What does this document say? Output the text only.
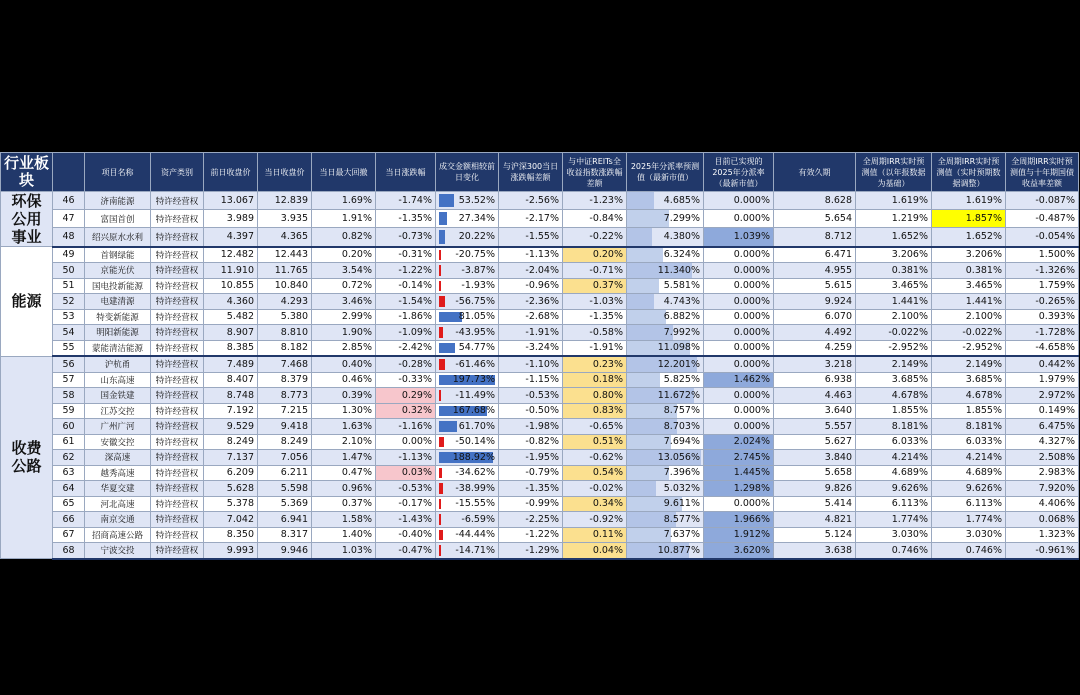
行业板块		项目名称	资产类别	前日收盘价	当日收盘价	当日最大回撤	当日涨跌幅	成交金额相较前日变化	与沪深300当日涨跌幅差额	与中证REITs全收益指数涨跌幅差额	2025年分派率预测值（最新市值）	目前已实现的2025年分派率（最新市值）	有效久期	全周期IRR实时预测值（以年报数据为基础）	全周期IRR实时预测值（实时预期数据调整）	全周期IRR实时预测值与十年期国债收益率差额
环保公用事业	46	济南能源	特许经营权	13.067	12.839	1.69%	-1.74%	53.52%	-2.56%	-1.23%	4.685%	0.000%	8.628	1.619%	1.619%	-0.087%
	47	富国首创	特许经营权	3.989	3.935	1.91%	-1.35%	27.34%	-2.17%	-0.84%	7.299%	0.000%	5.654	1.219%	1.857%	-0.487%
	48	绍兴原水水利	特许经营权	4.397	4.365	0.82%	-0.73%	20.22%	-1.55%	-0.22%	4.380%	1.039%	8.712	1.652%	1.652%	-0.054%
能源	49	首钢绿能	特许经营权	12.482	12.443	0.20%	-0.31%	-20.75%	-1.13%	0.20%	6.324%	0.000%	6.471	3.206%	3.206%	1.500%
	50	京能光伏	特许经营权	11.910	11.765	3.54%	-1.22%	-3.87%	-2.04%	-0.71%	11.340%	0.000%	4.955	0.381%	0.381%	-1.326%
	51	国电投新能源	特许经营权	10.855	10.840	0.72%	-0.14%	-1.93%	-0.96%	0.37%	5.581%	0.000%	5.615	3.465%	3.465%	1.759%
	52	电建清源	特许经营权	4.360	4.293	3.46%	-1.54%	-56.75%	-2.36%	-1.03%	4.743%	0.000%	9.924	1.441%	1.441%	-0.265%
	53	特变新能源	特许经营权	5.482	5.380	2.99%	-1.86%	81.05%	-2.68%	-1.35%	6.882%	0.000%	6.070	2.100%	2.100%	0.393%
	54	明阳新能源	特许经营权	8.907	8.810	1.90%	-1.09%	-43.95%	-1.91%	-0.58%	7.992%	0.000%	4.492	-0.022%	-0.022%	-1.728%
	55	蒙能清洁能源	特许经营权	8.385	8.182	2.85%	-2.42%	54.77%	-3.24%	-1.91%	11.098%	0.000%	4.259	-2.952%	-2.952%	-4.658%
收费公路	56	沪杭甬	特许经营权	7.489	7.468	0.40%	-0.28%	-61.46%	-1.10%	0.23%	12.201%	0.000%	3.218	2.149%	2.149%	0.442%
	57	山东高速	特许经营权	8.407	8.379	0.46%	-0.33%	197.73%	-1.15%	0.18%	5.825%	1.462%	6.938	3.685%	3.685%	1.979%
	58	国金铁建	特许经营权	8.748	8.773	0.39%	0.29%	-11.49%	-0.53%	0.80%	11.672%	0.000%	4.463	4.678%	4.678%	2.972%
	59	江苏交控	特许经营权	7.192	7.215	1.30%	0.32%	167.68%	-0.50%	0.83%	8.757%	0.000%	3.640	1.855%	1.855%	0.149%
	60	广州广河	特许经营权	9.529	9.418	1.63%	-1.16%	61.70%	-1.98%	-0.65%	8.703%	0.000%	5.557	8.181%	8.181%	6.475%
	61	安徽交控	特许经营权	8.249	8.249	2.10%	0.00%	-50.14%	-0.82%	0.51%	7.694%	2.024%	5.627	6.033%	6.033%	4.327%
	62	深高速	特许经营权	7.137	7.056	1.47%	-1.13%	188.92%	-1.95%	-0.62%	13.056%	2.745%	3.840	4.214%	4.214%	2.508%
	63	越秀高速	特许经营权	6.209	6.211	0.47%	0.03%	-34.62%	-0.79%	0.54%	7.396%	1.445%	5.658	4.689%	4.689%	2.983%
	64	华夏交建	特许经营权	5.628	5.598	0.96%	-0.53%	-38.99%	-1.35%	-0.02%	5.032%	1.298%	9.826	9.626%	9.626%	7.920%
	65	河北高速	特许经营权	5.378	5.369	0.37%	-0.17%	-15.55%	-0.99%	0.34%	9.611%	0.000%	5.414	6.113%	6.113%	4.406%
	66	南京交通	特许经营权	7.042	6.941	1.58%	-1.43%	-6.59%	-2.25%	-0.92%	8.577%	1.966%	4.821	1.774%	1.774%	0.068%
	67	招商高速公路	特许经营权	8.350	8.317	1.40%	-0.40%	-44.44%	-1.22%	0.11%	7.637%	1.912%	5.124	3.030%	3.030%	1.323%
	68	宁波交投	特许经营权	9.993	9.946	1.03%	-0.47%	-14.71%	-1.29%	0.04%	10.877%	3.620%	3.638	0.746%	0.746%	-0.961%
